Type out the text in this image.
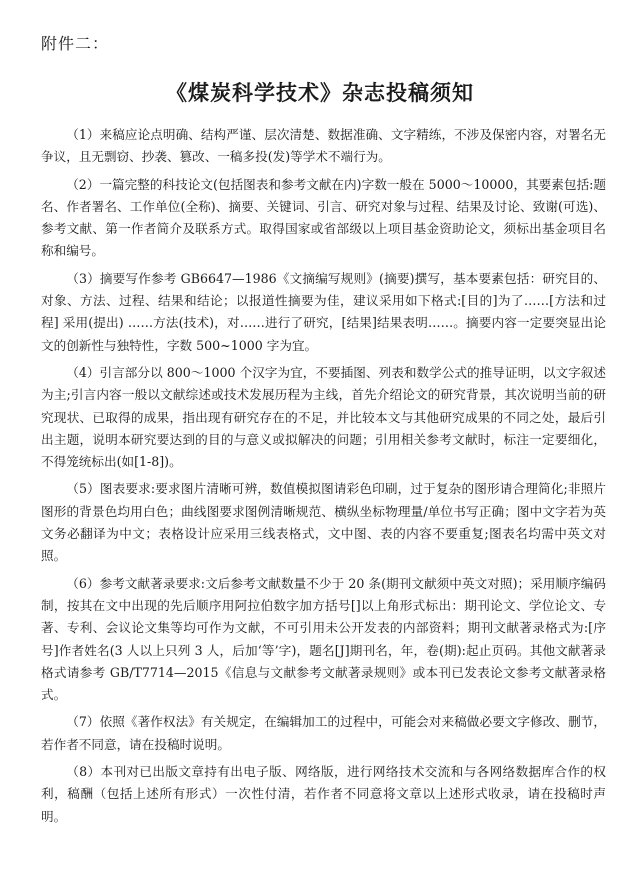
附件二：
《煤炭科学技术》杂志投稿须知

（1）来稿应论点明确、结构严谨、层次清楚、数据准确、文字精练，不涉及保密内容，对署名无争议，且无剽窃、抄袭、篡改、一稿多投(发)等学术不端行为。

（2）一篇完整的科技论文(包括图表和参考文献在内)字数一般在 5000～10000，其要素包括:题名、作者署名、工作单位(全称)、摘要、关键词、引言、研究对象与过程、结果及讨论、致谢(可选)、参考文献、第一作者简介及联系方式。取得国家或省部级以上项目基金资助论文，须标出基金项目名称和编号。

（3）摘要写作参考 GB6647—1986《文摘编写规则》(摘要)撰写，基本要素包括：研究目的、对象、方法、过程、结果和结论；以报道性摘要为佳，建议采用如下格式:[目的]为了……[方法和过程] 采用(提出) ……方法(技术)，对……进行了研究，[结果]结果表明……。摘要内容一定要突显出论文的创新性与独特性，字数 500~1000 字为宜。

（4）引言部分以 800～1000 个汉字为宜，不要插图、列表和数学公式的推导证明，以文字叙述为主;引言内容一般以文献综述或技术发展历程为主线，首先介绍论文的研究背景，其次说明当前的研究现状、已取得的成果，指出现有研究存在的不足，并比较本文与其他研究成果的不同之处，最后引出主题，说明本研究要达到的目的与意义或拟解决的问题；引用相关参考文献时，标注一定要细化，不得笼统标出(如[1-8])。

（5）图表要求:要求图片清晰可辨，数值模拟图请彩色印刷，过于复杂的图形请合理简化;非照片图形的背景色均用白色；曲线图要求图例清晰规范、横纵坐标物理量/单位书写正确；图中文字若为英文务必翻译为中文；表格设计应采用三线表格式，文中图、表的内容不要重复;图表名均需中英文对照。

（6）参考文献著录要求:文后参考文献数量不少于 20 条(期刊文献须中英文对照)；采用顺序编码制，按其在文中出现的先后顺序用阿拉伯数字加方括号[]以上角形式标出：期刊论文、学位论文、专著、专利、会议论文集等均可作为文献，不可引用未公开发表的内部资料；期刊文献著录格式为:[序号]作者姓名(3 人以上只列 3 人，后加‘等’字)，题名[J]期刊名，年，卷(期):起止页码。其他文献著录格式请参考 GB/T7714—2015《信息与文献参考文献著录规则》或本刊已发表论文参考文献著录格式。

（7）依照《著作权法》有关规定，在编辑加工的过程中，可能会对来稿做必要文字修改、删节，若作者不同意，请在投稿时说明。

（8）本刊对已出版文章持有出电子版、网络版，进行网络技术交流和与各网络数据库合作的权利，稿酬（包括上述所有形式）一次性付清，若作者不同意将文章以上述形式收录，请在投稿时声明。
